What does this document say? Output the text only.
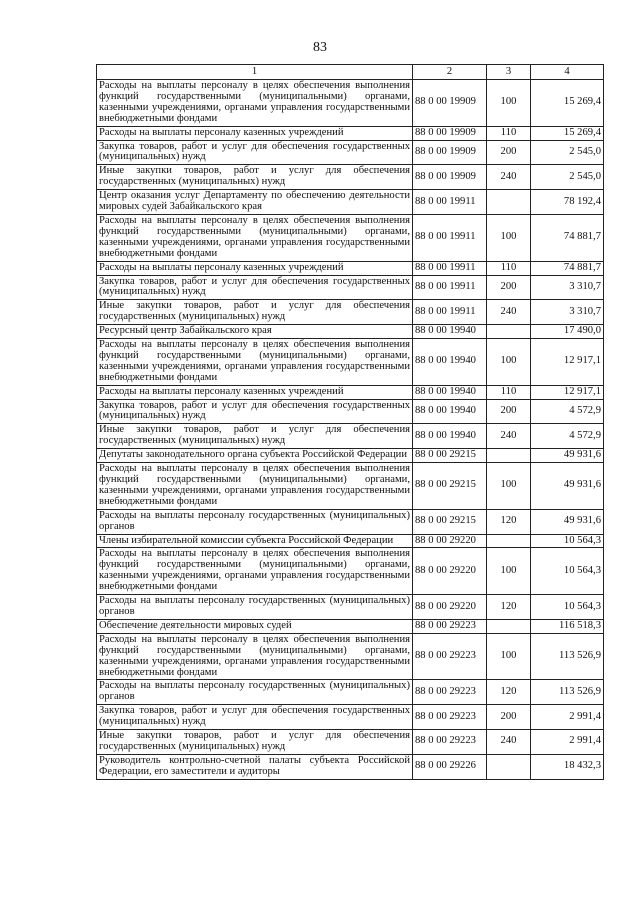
83
1	2	3	4
Расходы на выплаты персоналу в целях обеспечения выполнения функций государственными (муниципальными) органами, казенными учреждениями, органами управления государственными внебюджетными фондами	88 0 00 19909	100	15 269,4
Расходы на выплаты персоналу казенных учреждений	88 0 00 19909	110	15 269,4
Закупка товаров, работ и услуг для обеспечения государственных (муниципальных) нужд	88 0 00 19909	200	2 545,0
Иные закупки товаров, работ и услуг для обеспечения государственных (муниципальных) нужд	88 0 00 19909	240	2 545,0
Центр оказания услуг Департаменту по обеспечению деятельности мировых судей Забайкальского края	88 0 00 19911		78 192,4
Расходы на выплаты персоналу в целях обеспечения выполнения функций государственными (муниципальными) органами, казенными учреждениями, органами управления государственными внебюджетными фондами	88 0 00 19911	100	74 881,7
Расходы на выплаты персоналу казенных учреждений	88 0 00 19911	110	74 881,7
Закупка товаров, работ и услуг для обеспечения государственных (муниципальных) нужд	88 0 00 19911	200	3 310,7
Иные закупки товаров, работ и услуг для обеспечения государственных (муниципальных) нужд	88 0 00 19911	240	3 310,7
Ресурсный центр Забайкальского края	88 0 00 19940		17 490,0
Расходы на выплаты персоналу в целях обеспечения выполнения функций государственными (муниципальными) органами, казенными учреждениями, органами управления государственными внебюджетными фондами	88 0 00 19940	100	12 917,1
Расходы на выплаты персоналу казенных учреждений	88 0 00 19940	110	12 917,1
Закупка товаров, работ и услуг для обеспечения государственных (муниципальных) нужд	88 0 00 19940	200	4 572,9
Иные закупки товаров, работ и услуг для обеспечения государственных (муниципальных) нужд	88 0 00 19940	240	4 572,9
Депутаты законодательного органа субъекта Российской Федерации	88 0 00 29215		49 931,6
Расходы на выплаты персоналу в целях обеспечения выполнения функций государственными (муниципальными) органами, казенными учреждениями, органами управления государственными внебюджетными фондами	88 0 00 29215	100	49 931,6
Расходы на выплаты персоналу государственных (муниципальных) органов	88 0 00 29215	120	49 931,6
Члены избирательной комиссии субъекта Российской Федерации	88 0 00 29220		10 564,3
Расходы на выплаты персоналу в целях обеспечения выполнения функций государственными (муниципальными) органами, казенными учреждениями, органами управления государственными внебюджетными фондами	88 0 00 29220	100	10 564,3
Расходы на выплаты персоналу государственных (муниципальных) органов	88 0 00 29220	120	10 564,3
Обеспечение деятельности мировых судей	88 0 00 29223		116 518,3
Расходы на выплаты персоналу в целях обеспечения выполнения функций государственными (муниципальными) органами, казенными учреждениями, органами управления государственными внебюджетными фондами	88 0 00 29223	100	113 526,9
Расходы на выплаты персоналу государственных (муниципальных) органов	88 0 00 29223	120	113 526,9
Закупка товаров, работ и услуг для обеспечения государственных (муниципальных) нужд	88 0 00 29223	200	2 991,4
Иные закупки товаров, работ и услуг для обеспечения государственных (муниципальных) нужд	88 0 00 29223	240	2 991,4
Руководитель контрольно-счетной палаты субъекта Российской Федерации, его заместители и аудиторы	88 0 00 29226		18 432,3
